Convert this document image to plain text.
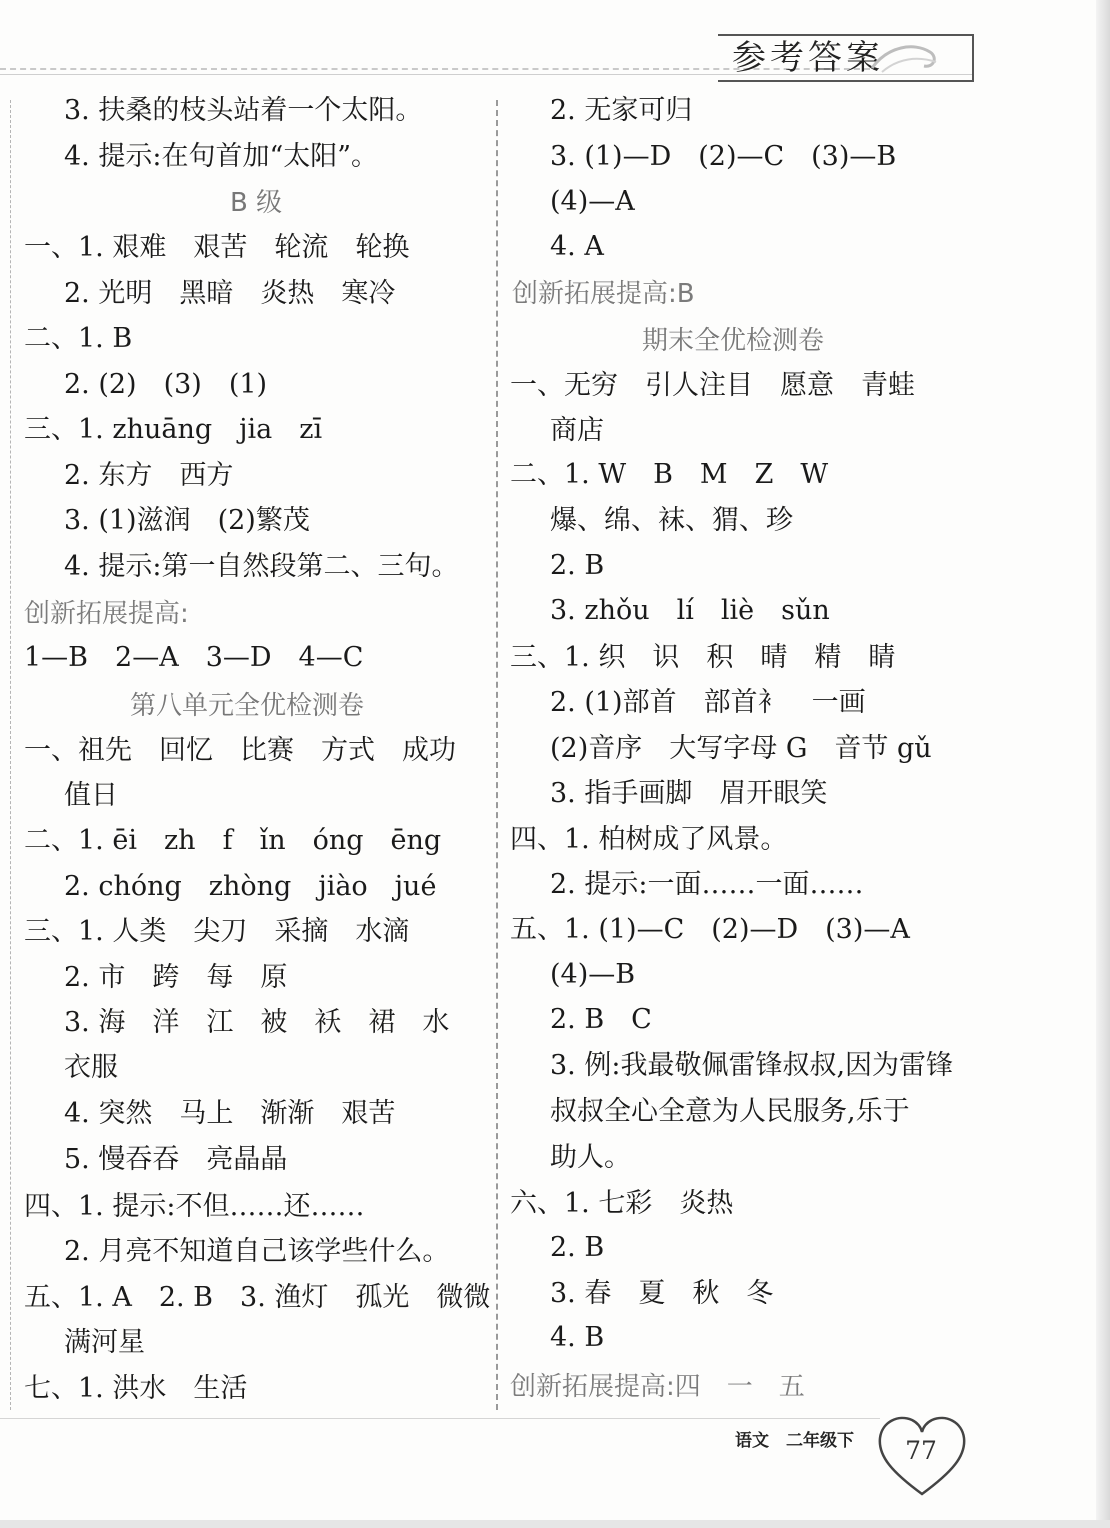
参考答案
3. 扶桑的枝头站着一个太阳。
4. 提示:在句首加“太阳”。
B 级
一、1. 艰难　艰苦　轮流　轮换
2. 光明　黑暗　炎热　寒冷
二、1. B
2. (2)　(3)　(1)
三、1. zhuāng　jia　zī
2. 东方　西方
3. (1)滋润　(2)繁茂
4. 提示:第一自然段第二、三句。
创新拓展提高:
1—B　2—A　3—D　4—C
第八单元全优检测卷
一、祖先　回忆　比赛　方式　成功
值日
二、1. ēi　zh　f　ǐn　óng　ēng
2. chóng　zhòng　jiào　jué
三、1. 人类　尖刀　采摘　水滴
2. 市　跨　每　原
3. 海　洋　江　被　袄　裙　水
衣服
4. 突然　马上　渐渐　艰苦
5. 慢吞吞　亮晶晶
四、1. 提示:不但……还……
2. 月亮不知道自己该学些什么。
五、1. A　2. B　3. 渔灯　孤光　微微
满河星
七、1. 洪水　生活
2. 无家可归
3. (1)—D　(2)—C　(3)—B
(4)—A
4. A
创新拓展提高:B
期末全优检测卷
一、无穷　引人注目　愿意　青蛙
商店
二、1. W　B　M　Z　W
爆、绵、袜、猬、珍
2. B
3. zhǒu　lí　liè　sǔn
三、1. 织　识　积　晴　精　睛
2. (1)部首　部首衤　一画
(2)音序　大写字母 G　音节 gǔ
3. 指手画脚　眉开眼笑
四、1. 柏树成了风景。
2. 提示:一面……一面……
五、1. (1)—C　(2)—D　(3)—A
(4)—B
2. B　C
3. 例:我最敬佩雷锋叔叔,因为雷锋
叔叔全心全意为人民服务,乐于
助人。
六、1. 七彩　炎热
2. B
3. 春　夏　秋　冬
4. B
创新拓展提高:四　一　五
语文　二年级下 77
